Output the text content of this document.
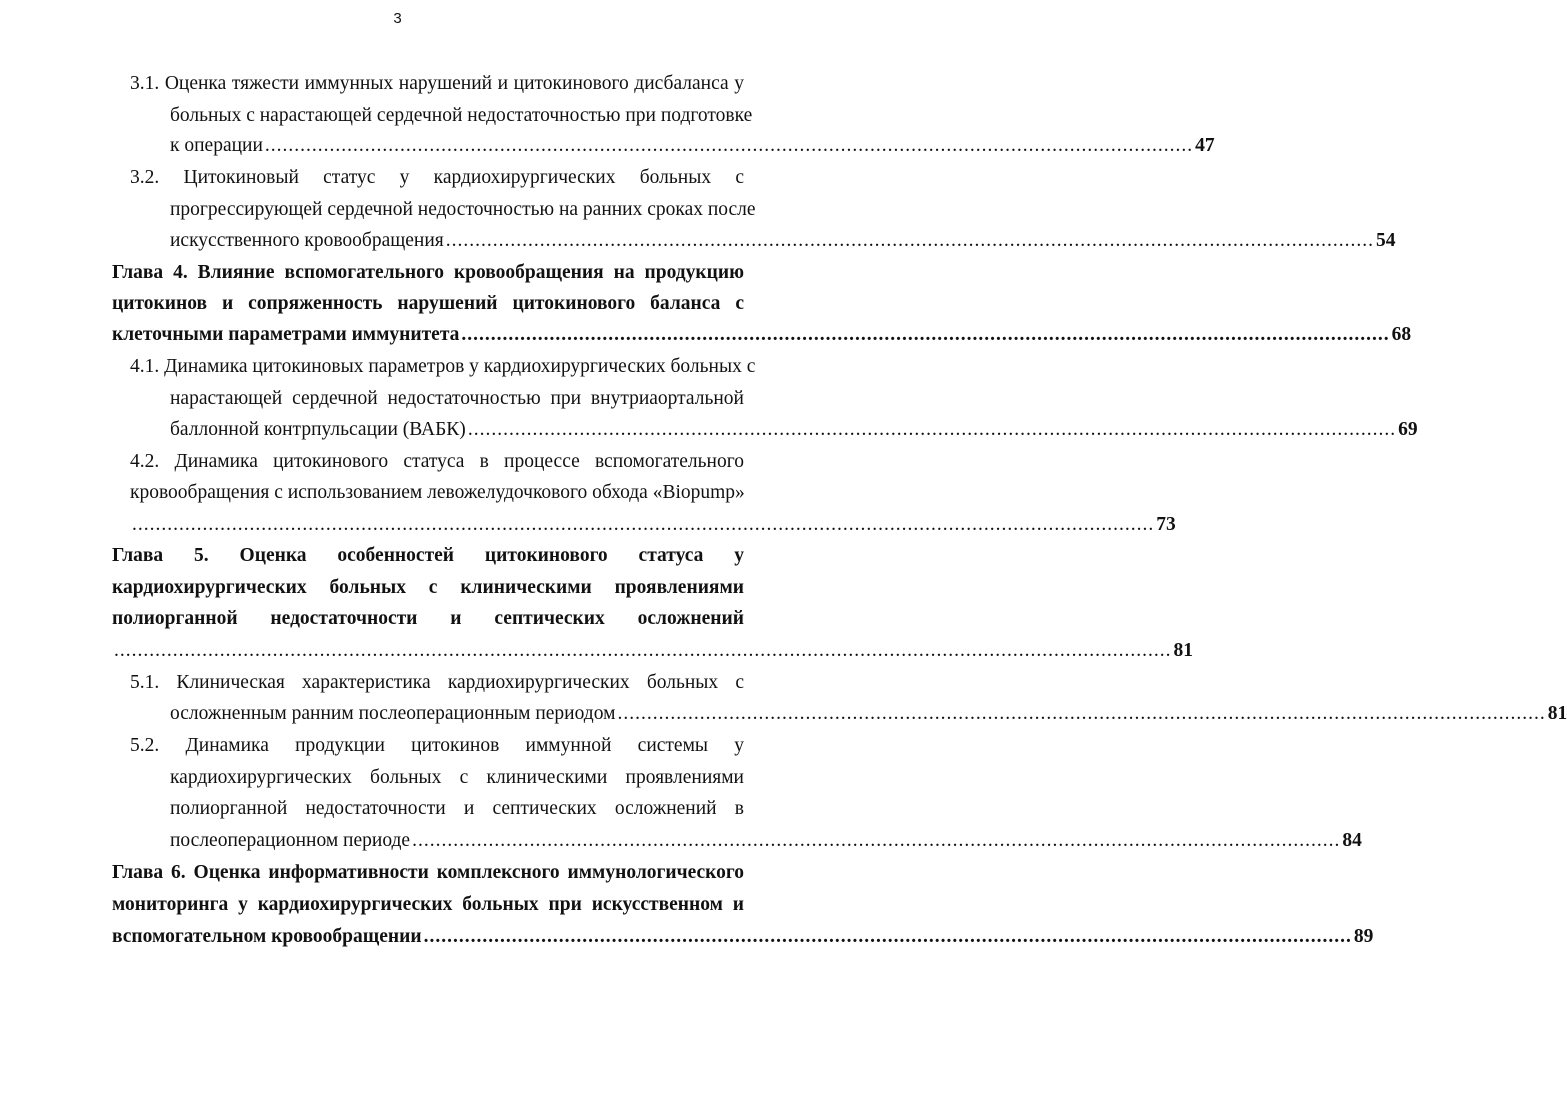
3
3.1. Оценка тяжести иммунных нарушений и цитокинового дисбаланса у
больных с нарастающей сердечной недостаточностью при подготовке
к операции .............................................................................................................................................................. 47
3.2. Цитокиновый статус у кардиохирургических больных с
прогрессирующей сердечной недосточностью на ранних сроках после
искусственного кровообращения .............................................................................................................................................................. 54
Глава 4. Влияние вспомогательного кровообращения на продукцию
цитокинов и сопряженность нарушений цитокинового баланса с
клеточными параметрами иммунитета .............................................................................................................................................................. 68
4.1. Динамика цитокиновых параметров у кардиохирургических больных с
нарастающей сердечной недостаточностью при внутриаортальной
баллонной контрпульсации (ВАБК) .............................................................................................................................................................. 69
4.2. Динамика цитокинового статуса в процессе вспомогательного
кровообращения с использованием левожелудочкового обхода «Biopump»
.............................................................................................................................................................................. 73
Глава 5. Оценка особенностей цитокинового статуса у
кардиохирургических больных с клиническими проявлениями
полиорганной недостаточности и септических осложнений
.................................................................................................................................................................................... 81
5.1. Клиническая характеристика кардиохирургических больных с
осложненным ранним послеоперационным периодом .............................................................................................................................................................. 81
5.2. Динамика продукции цитокинов иммунной системы у
кардиохирургических больных с клиническими проявлениями
полиорганной недостаточности и септических осложнений в
послеоперационном периоде .............................................................................................................................................................. 84
Глава 6. Оценка информативности комплексного иммунологического
мониторинга у кардиохирургических больных при искусственном и
вспомогательном кровообращении .............................................................................................................................................................. 89
